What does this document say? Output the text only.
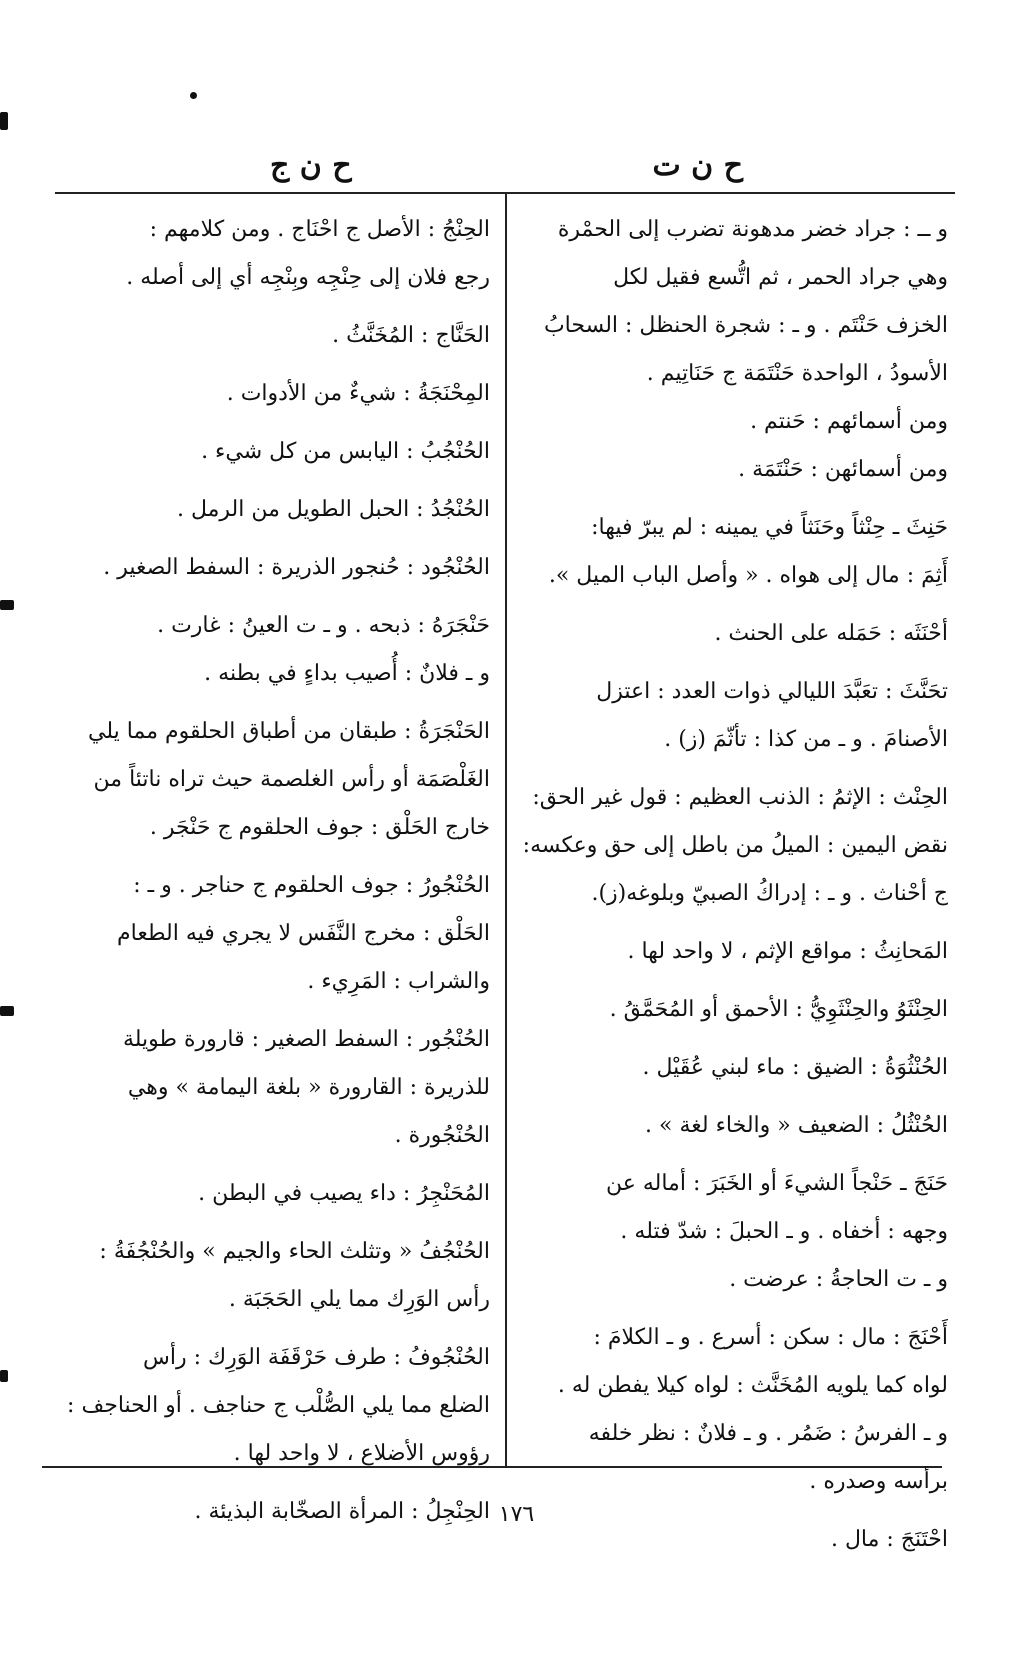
ح ن ت
ح ن ج
و ــ : جراد خضر مدهونة تضرب إلى الحمْرة
وهي جراد الحمر ، ثم اتُّسع فقيل لكل
الخزف حَنْتَم . و ـ : شجرة الحنظل : السحابُ
الأسودُ ، الواحدة حَنْتَمَة ج حَنَاتِيم .
ومن أسمائهم : حَنتم .
ومن أسمائهن : حَنْتَمَة .
حَنِثَ ـ حِنْثاً وحَنَثاً في يمينه : لم يبرّ فيها:
أَثِمَ : مال إلى هواه . « وأصل الباب الميل ».
أحْنَثَه : حَمَله على الحنث .
تحَنَّثَ : تعَبَّدَ الليالي ذوات العدد : اعتزل
الأصنامَ . و ـ من كذا : تأثّمَ (ز) .
الحِنْث : الإثمُ : الذنب العظيم : قول غير الحق:
نقض اليمين : الميلُ من باطل إلى حق وعكسه:
ج أحْناث . و ـ : إدراكُ الصبيّ وبلوغه(ز).
المَحانِثُ : مواقع الإثم ، لا واحد لها .
الحِنْثَوُ والحِنْثَوِيُّ : الأحمق أو المُحَمَّقُ .
الحُنْثُوَةُ : الضيق : ماء لبني عُقَيْل .
الحُنْثُلُ : الضعيف « والخاء لغة » .
حَنَجَ ـ حَنْجاً الشيءَ أو الخَبَرَ : أماله عن
وجهه : أخفاه . و ـ الحبلَ : شدّ فتله .
و ـ ت الحاجةُ : عرضت .
أَحْنَجَ : مال : سكن : أسرع . و ـ الكلامَ :
لواه كما يلويه المُخَنَّث : لواه كيلا يفطن له .
و ـ الفرسُ : ضَمُر . و ـ فلانٌ : نظر خلفه
برأسه وصدره .
احْتَنَجَ : مال .
الحِنْجُ : الأصل ج احْنَاج . ومن كلامهم :
رجع فلان إلى حِنْجِه وبِنْجِه أي إلى أصله .
الحَنَّاج : المُخَنَّثُ .
المِحْنَجَةُ : شيءٌ من الأدوات .
الحُنْجُبُ : اليابس من كل شيء .
الحُنْجُدُ : الحبل الطويل من الرمل .
الحُنْجُود : حُنجور الذريرة : السفط الصغير .
حَنْجَرَهُ : ذبحه . و ـ ت العينُ : غارت .
و ـ فلانٌ : أُصيب بداءٍ في بطنه .
الحَنْجَرَةُ : طبقان من أطباق الحلقوم مما يلي
الغَلْصَمَة أو رأس الغلصمة حيث تراه ناتئاً من
خارج الحَلْق : جوف الحلقوم ج حَنْجَر .
الحُنْجُورُ : جوف الحلقوم ج حناجر . و ـ :
الحَلْق : مخرج النَّفَس لا يجري فيه الطعام
والشراب : المَرِيء .
الحُنْجُور : السفط الصغير : قارورة طويلة
للذريرة : القارورة « بلغة اليمامة » وهي
الحُنْجُورة .
المُحَنْجِرُ : داء يصيب في البطن .
الحُنْجُفُ « وتثلث الحاء والجيم » والحُنْجُفَةُ :
رأس الوَرِك مما يلي الحَجَبَة .
الحُنْجُوفُ : طرف حَرْقَفَة الوَرِك : رأس
الضلع مما يلي الصُّلْب ج حناجف . أو الحناجف :
رؤوس الأضلاع ، لا واحد لها .
الحِنْجِلُ : المرأة الصخّابة البذيئة . ١٧٦
